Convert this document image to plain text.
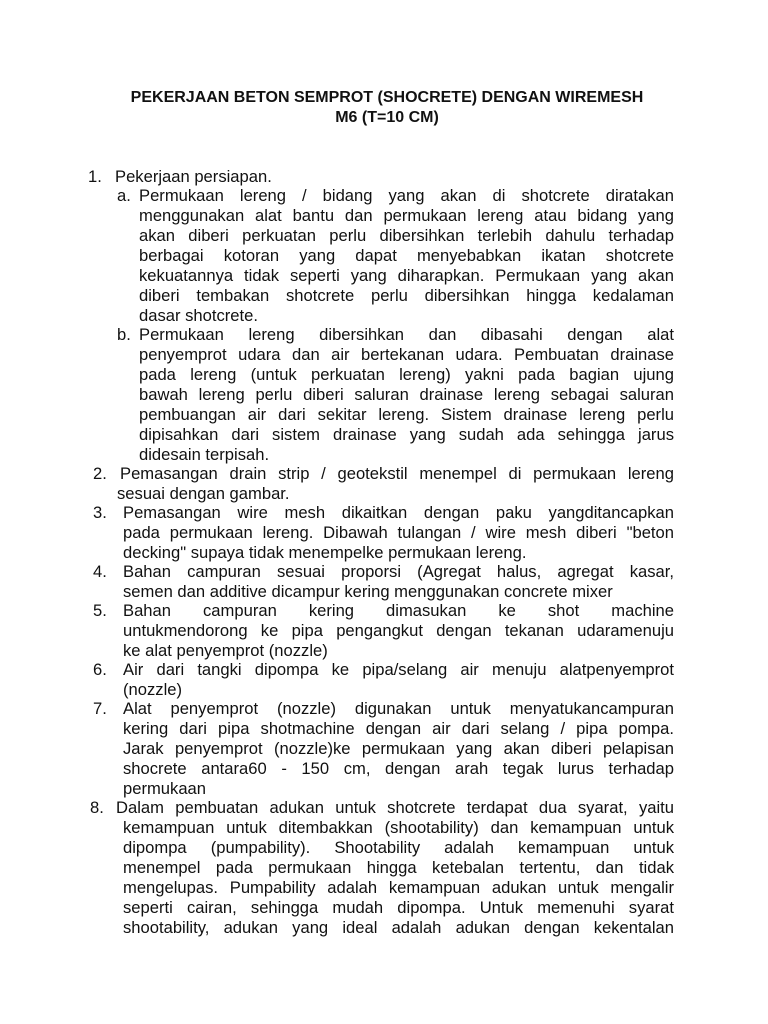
PEKERJAAN BETON SEMPROT (SHOCRETE) DENGAN WIREMESH
M6 (T=10 CM)
1. Pekerjaan persiapan.
a. Permukaan lereng / bidang yang akan di shotcrete diratakan
menggunakan alat bantu dan permukaan lereng atau bidang yang
akan diberi perkuatan perlu dibersihkan terlebih dahulu terhadap
berbagai kotoran yang dapat menyebabkan ikatan shotcrete
kekuatannya tidak seperti yang diharapkan. Permukaan yang akan
diberi tembakan shotcrete perlu dibersihkan hingga kedalaman
dasar shotcrete.
b. Permukaan lereng dibersihkan dan dibasahi dengan alat
penyemprot udara dan air bertekanan udara. Pembuatan drainase
pada lereng (untuk perkuatan lereng) yakni pada bagian ujung
bawah lereng perlu diberi saluran drainase lereng sebagai saluran
pembuangan air dari sekitar lereng. Sistem drainase lereng perlu
dipisahkan dari sistem drainase yang sudah ada sehingga jarus
didesain terpisah.
2. Pemasangan drain strip / geotekstil menempel di permukaan lereng
sesuai dengan gambar.
3. Pemasangan wire mesh dikaitkan dengan paku yangditancapkan
pada permukaan lereng. Dibawah tulangan / wire mesh diberi "beton
decking" supaya tidak menempelke permukaan lereng.
4. Bahan campuran sesuai proporsi (Agregat halus, agregat kasar,
semen dan additive dicampur kering menggunakan concrete mixer
5. Bahan campuran kering dimasukan ke shot machine
untukmendorong ke pipa pengangkut dengan tekanan udaramenuju
ke alat penyemprot (nozzle)
6. Air dari tangki dipompa ke pipa/selang air menuju alatpenyemprot
(nozzle)
7. Alat penyemprot (nozzle) digunakan untuk menyatukancampuran
kering dari pipa shotmachine dengan air dari selang / pipa pompa.
Jarak penyemprot (nozzle)ke permukaan yang akan diberi pelapisan
shocrete antara60 - 150 cm, dengan arah tegak lurus terhadap
permukaan
8. Dalam pembuatan adukan untuk shotcrete terdapat dua syarat, yaitu
kemampuan untuk ditembakkan (shootability) dan kemampuan untuk
dipompa (pumpability). Shootability adalah kemampuan untuk
menempel pada permukaan hingga ketebalan tertentu, dan tidak
mengelupas. Pumpability adalah kemampuan adukan untuk mengalir
seperti cairan, sehingga mudah dipompa. Untuk memenuhi syarat
shootability, adukan yang ideal adalah adukan dengan kekentalan
